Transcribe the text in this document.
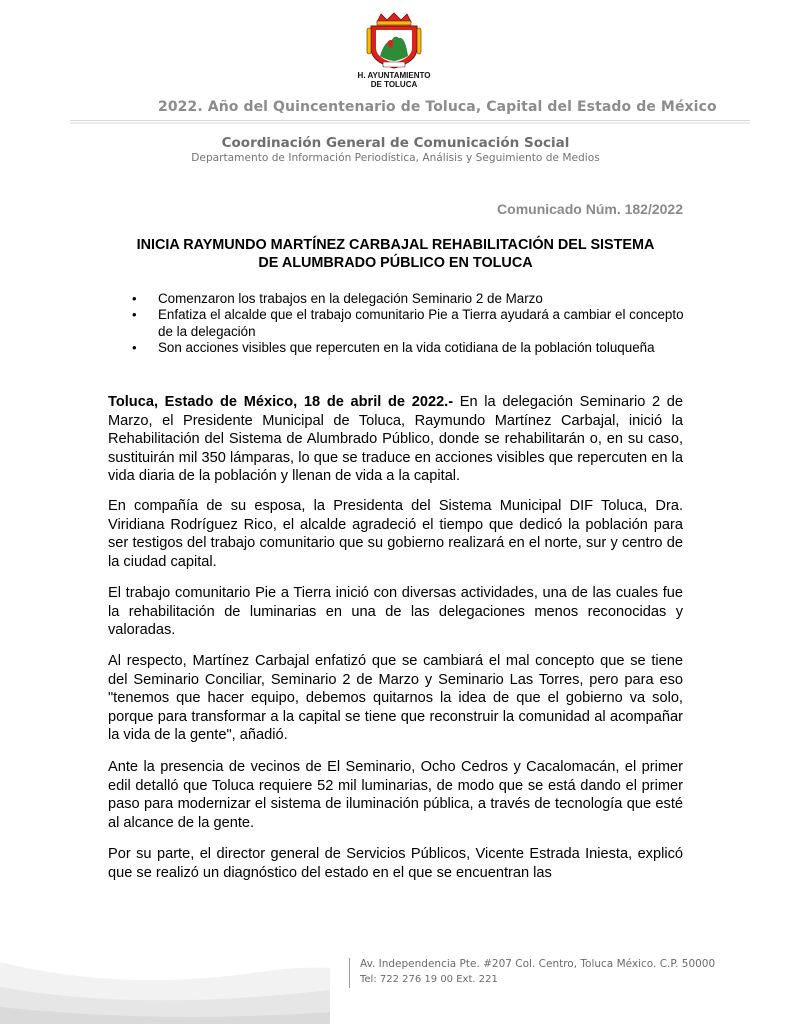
H. AYUNTAMIENTO
DE TOLUCA
2022. Año del Quincentenario de Toluca, Capital del Estado de México
Coordinación General de Comunicación Social
Departamento de Información Periodística, Análisis y Seguimiento de Medios
Comunicado Núm. 182/2022
INICIA RAYMUNDO MARTÍNEZ CARBAJAL REHABILITACIÓN DEL SISTEMA
DE ALUMBRADO PÚBLICO EN TOLUCA
• Comenzaron los trabajos en la delegación Seminario 2 de Marzo
• Enfatiza el alcalde que el trabajo comunitario Pie a Tierra ayudará a cambiar el concepto de la delegación
• Son acciones visibles que repercuten en la vida cotidiana de la población toluqueña

Toluca, Estado de México, 18 de abril de 2022.- En la delegación Seminario 2 de Marzo, el Presidente Municipal de Toluca, Raymundo Martínez Carbajal, inició la Rehabilitación del Sistema de Alumbrado Público, donde se rehabilitarán o, en su caso, sustituirán mil 350 lámparas, lo que se traduce en acciones visibles que repercuten en la vida diaria de la población y llenan de vida a la capital.

En compañía de su esposa, la Presidenta del Sistema Municipal DIF Toluca, Dra. Viridiana Rodríguez Rico, el alcalde agradeció el tiempo que dedicó la población para ser testigos del trabajo comunitario que su gobierno realizará en el norte, sur y centro de la ciudad capital.

El trabajo comunitario Pie a Tierra inició con diversas actividades, una de las cuales fue la rehabilitación de luminarias en una de las delegaciones menos reconocidas y valoradas.

Al respecto, Martínez Carbajal enfatizó que se cambiará el mal concepto que se tiene del Seminario Conciliar, Seminario 2 de Marzo y Seminario Las Torres, pero para eso "tenemos que hacer equipo, debemos quitarnos la idea de que el gobierno va solo, porque para transformar a la capital se tiene que reconstruir la comunidad al acompañar la vida de la gente", añadió.

Ante la presencia de vecinos de El Seminario, Ocho Cedros y Cacalomacán, el primer edil detalló que Toluca requiere 52 mil luminarias, de modo que se está dando el primer paso para modernizar el sistema de iluminación pública, a través de tecnología que esté al alcance de la gente.

Por su parte, el director general de Servicios Públicos, Vicente Estrada Iniesta, explicó que se realizó un diagnóstico del estado en el que se encuentran las

Av. Independencia Pte. #207 Col. Centro, Toluca México. C.P. 50000
Tel: 722 276 19 00 Ext. 221
